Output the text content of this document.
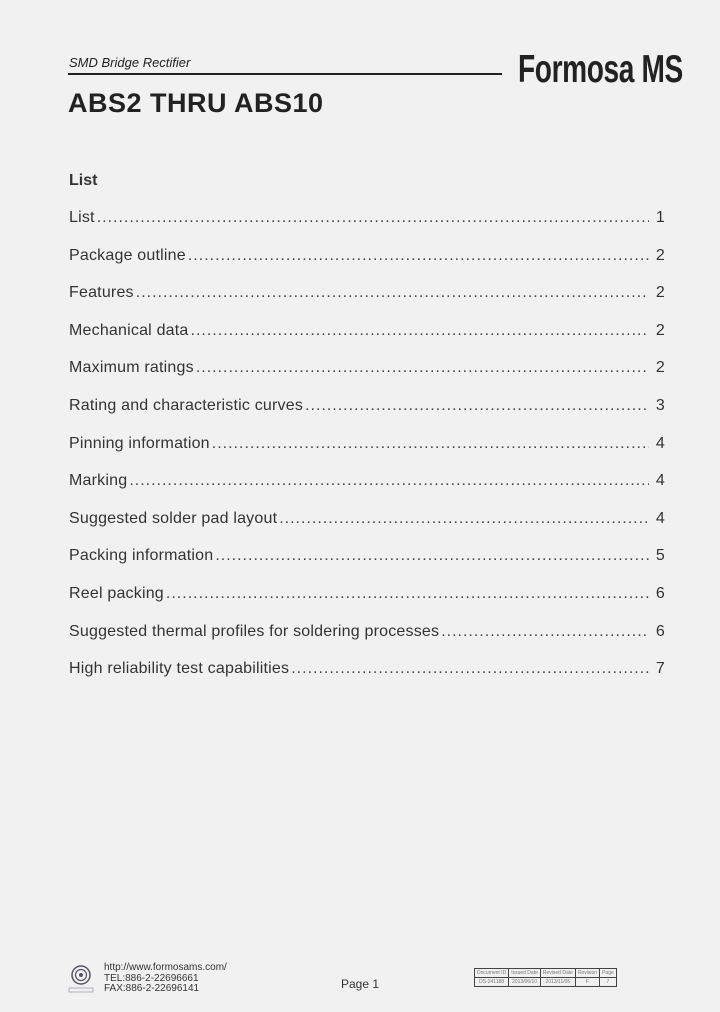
SMD Bridge Rectifier	Formosa MS
ABS2 THRU ABS10
List
List .....	1
Package outline .....	2
Features .....	2
Mechanical data .....	2
Maximum ratings .....	2
Rating and characteristic curves .....	3
Pinning information .....	4
Marking .....	4
Suggested solder pad layout .....	4
Packing information .....	5
Reel packing .....	6
Suggested thermal profiles for soldering processes .....	6
High reliability test capabilities .....	7
http://www.formosams.com/
TEL:886-2-22696661
FAX:886-2-22696141	Page 1
Document ID	Issued Date	Revised Date	Revision	Page
DS-241188	2013/06/10	2013/11/05	F	7
